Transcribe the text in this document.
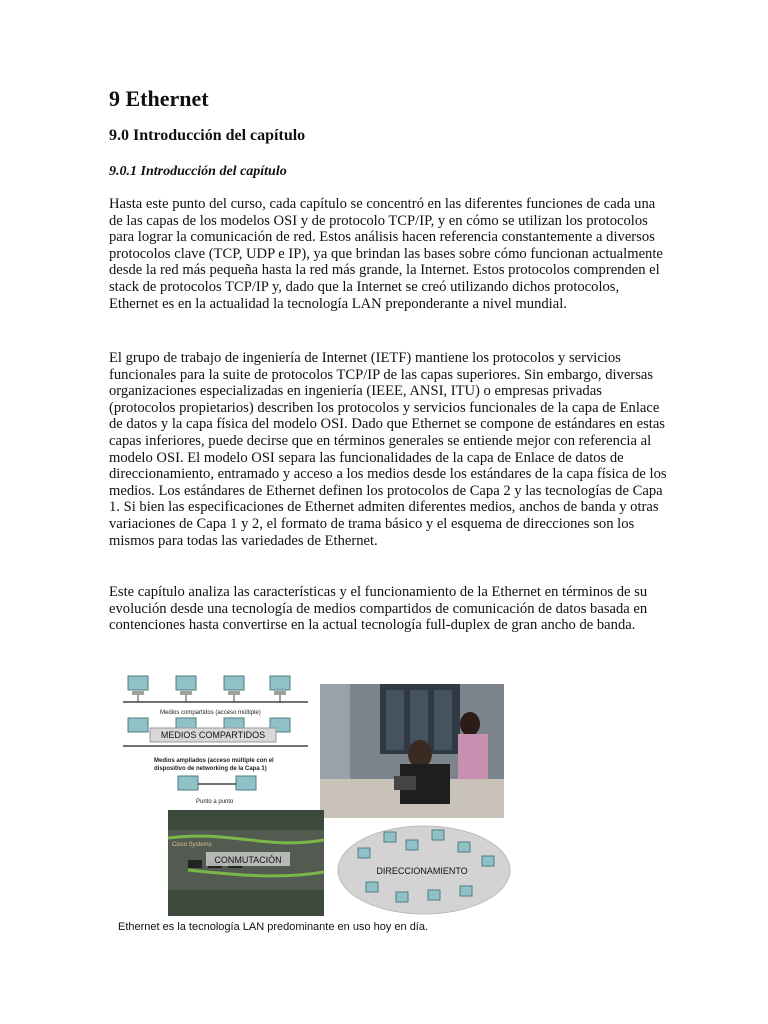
9 Ethernet
9.0 Introducción del capítulo
9.0.1 Introducción del capítulo

Hasta este punto del curso, cada capítulo se concentró en las diferentes funciones de cada una de las capas de los modelos OSI y de protocolo TCP/IP, y en cómo se utilizan los protocolos para lograr la comunicación de red. Estos análisis hacen referencia constantemente a diversos protocolos clave (TCP, UDP e IP), ya que brindan las bases sobre cómo funcionan actualmente desde la red más pequeña hasta la red más grande, la Internet. Estos protocolos comprenden el stack de protocolos TCP/IP y, dado que la Internet se creó utilizando dichos protocolos, Ethernet es en la actualidad la tecnología LAN preponderante a nivel mundial.

El grupo de trabajo de ingeniería de Internet (IETF) mantiene los protocolos y servicios funcionales para la suite de protocolos TCP/IP de las capas superiores. Sin embargo, diversas organizaciones especializadas en ingeniería (IEEE, ANSI, ITU) o empresas privadas (protocolos propietarios) describen los protocolos y servicios funcionales de la capa de Enlace de datos y la capa física del modelo OSI. Dado que Ethernet se compone de estándares en estas capas inferiores, puede decirse que en términos generales se entiende mejor con referencia al modelo OSI. El modelo OSI separa las funcionalidades de la capa de Enlace de datos de direccionamiento, entramado y acceso a los medios desde los estándares de la capa física de los medios. Los estándares de Ethernet definen los protocolos de Capa 2 y las tecnologías de Capa 1. Si bien las especificaciones de Ethernet admiten diferentes medios, anchos de banda y otras variaciones de Capa 1 y 2, el formato de trama básico y el esquema de direcciones son los mismos para todas las variedades de Ethernet.

Este capítulo analiza las características y el funcionamiento de la Ethernet en términos de su evolución desde una tecnología de medios compartidos de comunicación de datos basada en contenciones hasta convertirse en la actual tecnología full-duplex de gran ancho de banda.

Medios compartidos (acceso múltiple)
MEDIOS COMPARTIDOS
Medios ampliados (acceso múltiple con el
dispositivo de networking de la Capa 1)
Punto a punto
Cisco Systems
CONMUTACIÓN
DIRECCIONAMIENTO
Ethernet es la tecnología LAN predominante en uso hoy en día.
